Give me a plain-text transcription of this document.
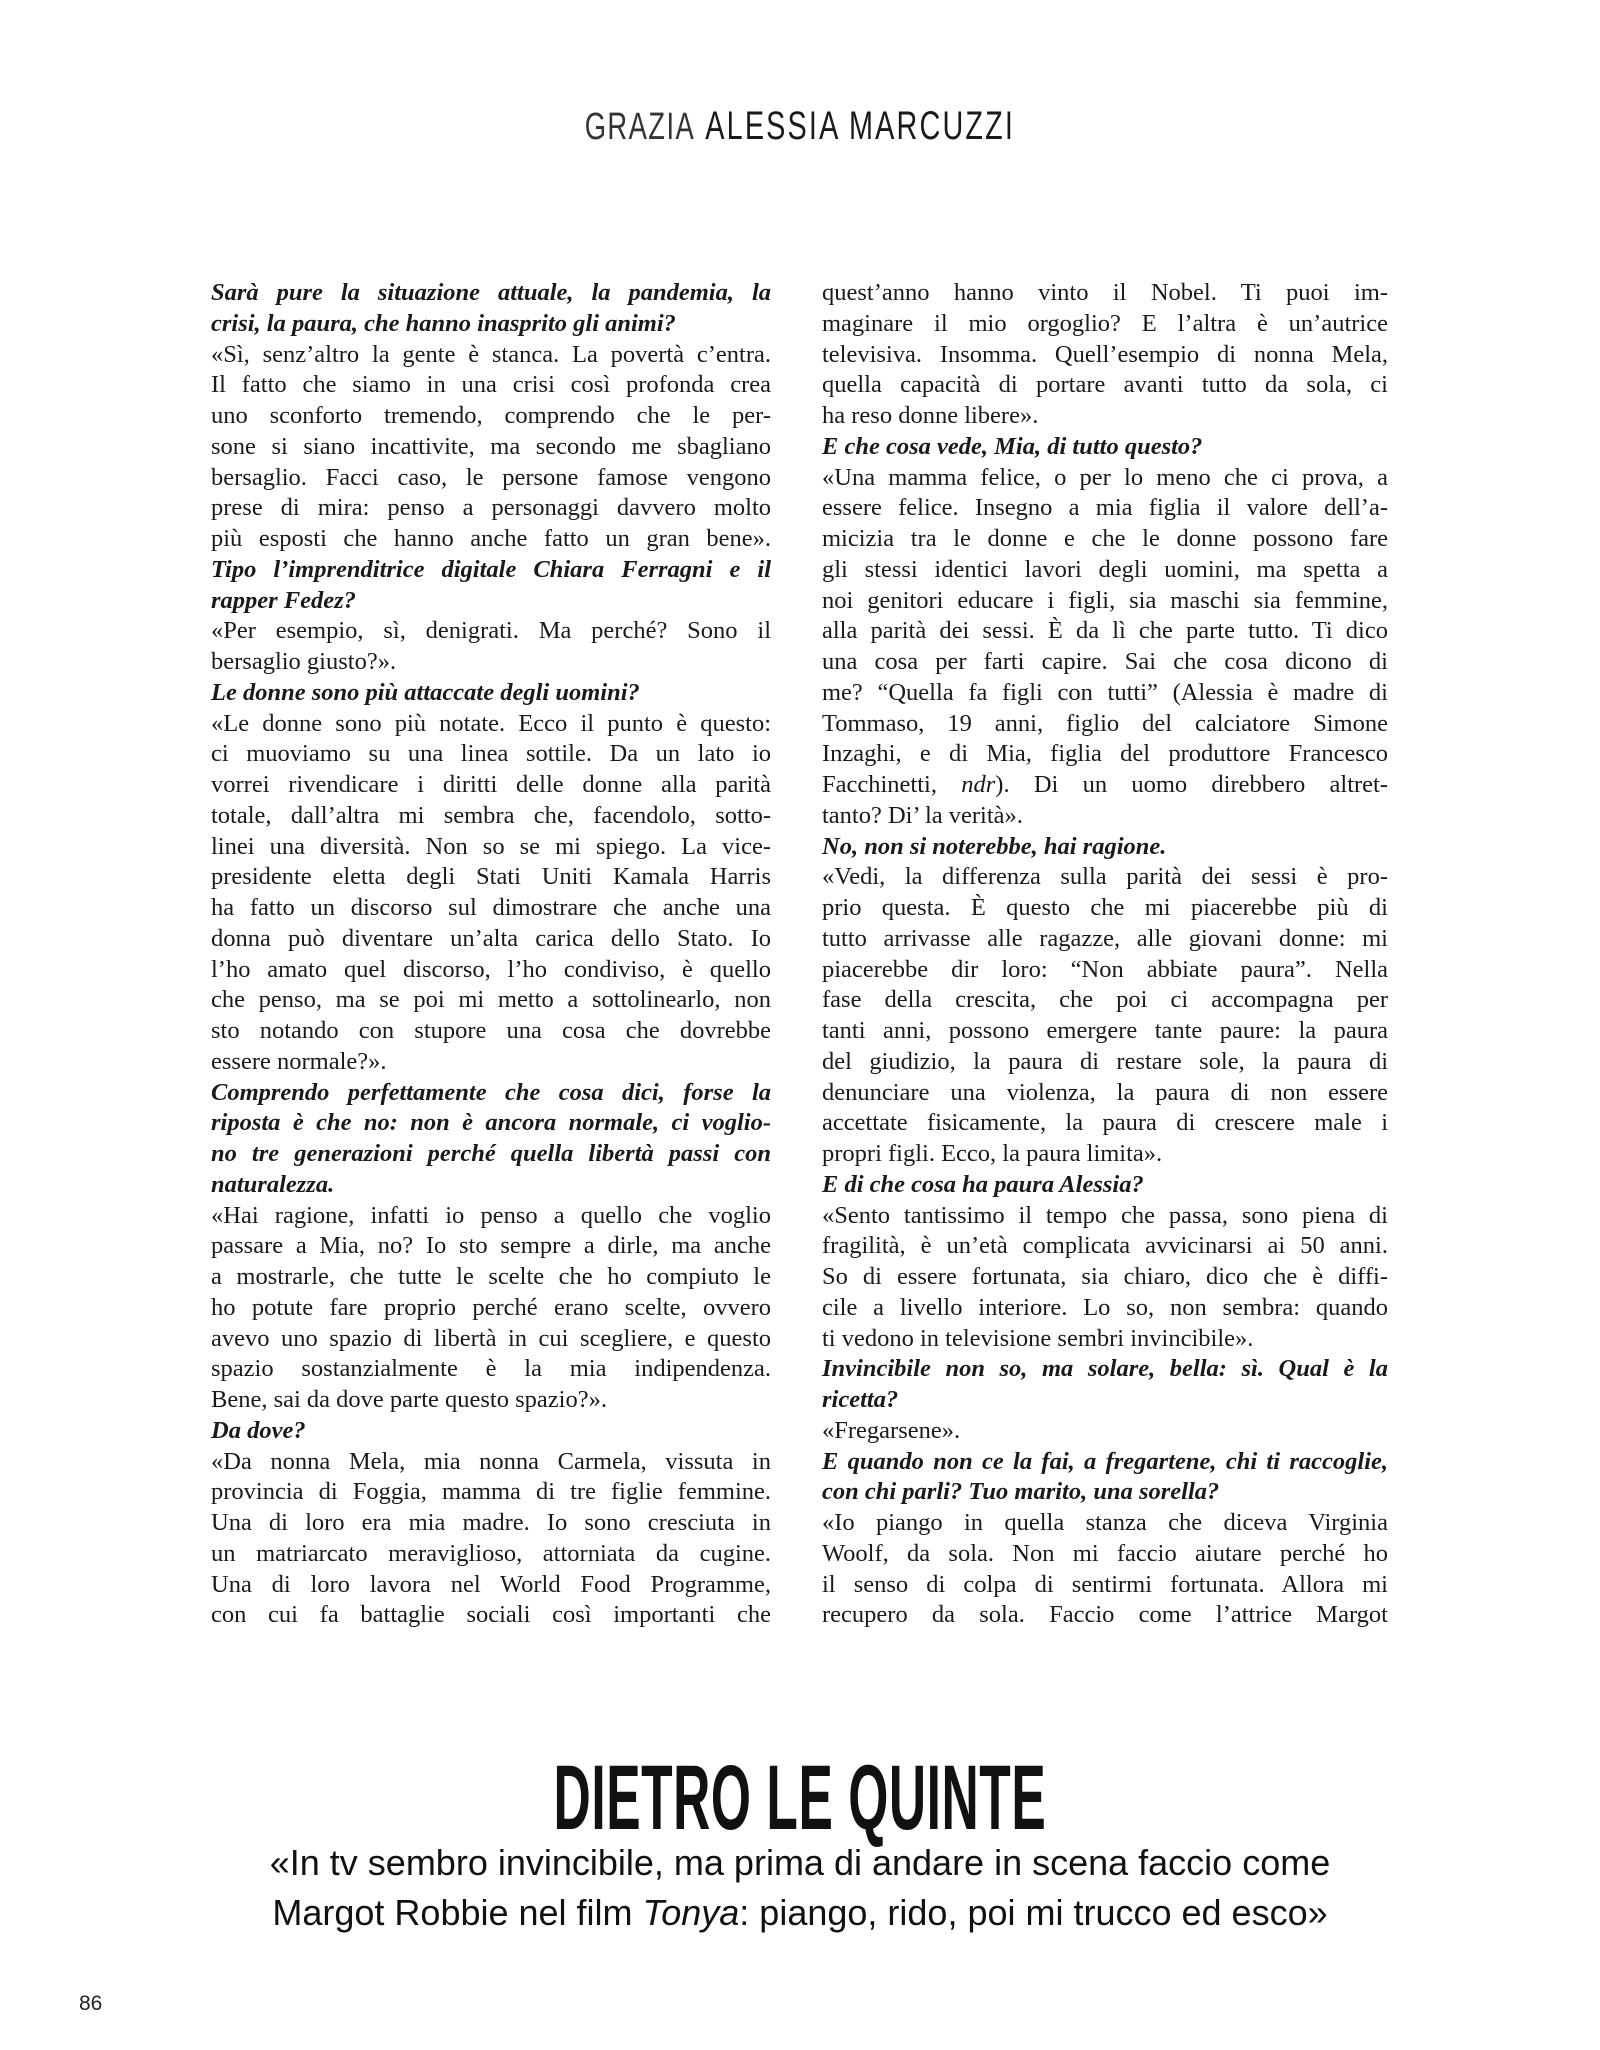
GRAZIA ALESSIA MARCUZZI
Sarà pure la situazione attuale, la pandemia, la
crisi, la paura, che hanno inasprito gli animi?
«Sì, senz’altro la gente è stanca. La povertà c’entra.
Il fatto che siamo in una crisi così profonda crea
uno sconforto tremendo, comprendo che le per-
sone si siano incattivite, ma secondo me sbagliano
bersaglio. Facci caso, le persone famose vengono
prese di mira: penso a personaggi davvero molto
più esposti che hanno anche fatto un gran bene».
Tipo l’imprenditrice digitale Chiara Ferragni e il
rapper Fedez?
«Per esempio, sì, denigrati. Ma perché? Sono il
bersaglio giusto?».
Le donne sono più attaccate degli uomini?
«Le donne sono più notate. Ecco il punto è questo:
ci muoviamo su una linea sottile. Da un lato io
vorrei rivendicare i diritti delle donne alla parità
totale, dall’altra mi sembra che, facendolo, sotto-
linei una diversità. Non so se mi spiego. La vice-
presidente eletta degli Stati Uniti Kamala Harris
ha fatto un discorso sul dimostrare che anche una
donna può diventare un’alta carica dello Stato. Io
l’ho amato quel discorso, l’ho condiviso, è quello
che penso, ma se poi mi metto a sottolinearlo, non
sto notando con stupore una cosa che dovrebbe
essere normale?».
Comprendo perfettamente che cosa dici, forse la
riposta è che no: non è ancora normale, ci voglio-
no tre generazioni perché quella libertà passi con
naturalezza.
«Hai ragione, infatti io penso a quello che voglio
passare a Mia, no? Io sto sempre a dirle, ma anche
a mostrarle, che tutte le scelte che ho compiuto le
ho potute fare proprio perché erano scelte, ovvero
avevo uno spazio di libertà in cui scegliere, e questo
spazio sostanzialmente è la mia indipendenza.
Bene, sai da dove parte questo spazio?».
Da dove?
«Da nonna Mela, mia nonna Carmela, vissuta in
provincia di Foggia, mamma di tre figlie femmine.
Una di loro era mia madre. Io sono cresciuta in
un matriarcato meraviglioso, attorniata da cugine.
Una di loro lavora nel World Food Programme,
con cui fa battaglie sociali così importanti che
quest’anno hanno vinto il Nobel. Ti puoi im-
maginare il mio orgoglio? E l’altra è un’autrice
televisiva. Insomma. Quell’esempio di nonna Mela,
quella capacità di portare avanti tutto da sola, ci
ha reso donne libere».
E che cosa vede, Mia, di tutto questo?
«Una mamma felice, o per lo meno che ci prova, a
essere felice. Insegno a mia figlia il valore dell’a-
micizia tra le donne e che le donne possono fare
gli stessi identici lavori degli uomini, ma spetta a
noi genitori educare i figli, sia maschi sia femmine,
alla parità dei sessi. È da lì che parte tutto. Ti dico
una cosa per farti capire. Sai che cosa dicono di
me? “Quella fa figli con tutti” (Alessia è madre di
Tommaso, 19 anni, figlio del calciatore Simone
Inzaghi, e di Mia, figlia del produttore Francesco
Facchinetti, ndr). Di un uomo direbbero altret-
tanto? Di’ la verità».
No, non si noterebbe, hai ragione.
«Vedi, la differenza sulla parità dei sessi è pro-
prio questa. È questo che mi piacerebbe più di
tutto arrivasse alle ragazze, alle giovani donne: mi
piacerebbe dir loro: “Non abbiate paura”. Nella
fase della crescita, che poi ci accompagna per
tanti anni, possono emergere tante paure: la paura
del giudizio, la paura di restare sole, la paura di
denunciare una violenza, la paura di non essere
accettate fisicamente, la paura di crescere male i
propri figli. Ecco, la paura limita».
E di che cosa ha paura Alessia?
«Sento tantissimo il tempo che passa, sono piena di
fragilità, è un’età complicata avvicinarsi ai 50 anni.
So di essere fortunata, sia chiaro, dico che è diffi-
cile a livello interiore. Lo so, non sembra: quando
ti vedono in televisione sembri invincibile».
Invincibile non so, ma solare, bella: sì. Qual è la
ricetta?
«Fregarsene».
E quando non ce la fai, a fregartene, chi ti raccoglie,
con chi parli? Tuo marito, una sorella?
«Io piango in quella stanza che diceva Virginia
Woolf, da sola. Non mi faccio aiutare perché ho
il senso di colpa di sentirmi fortunata. Allora mi
recupero da sola. Faccio come l’attrice Margot
DIETRO LE QUINTE
«In tv sembro invincibile, ma prima di andare in scena faccio come
Margot Robbie nel film Tonya: piango, rido, poi mi trucco ed esco»
86
